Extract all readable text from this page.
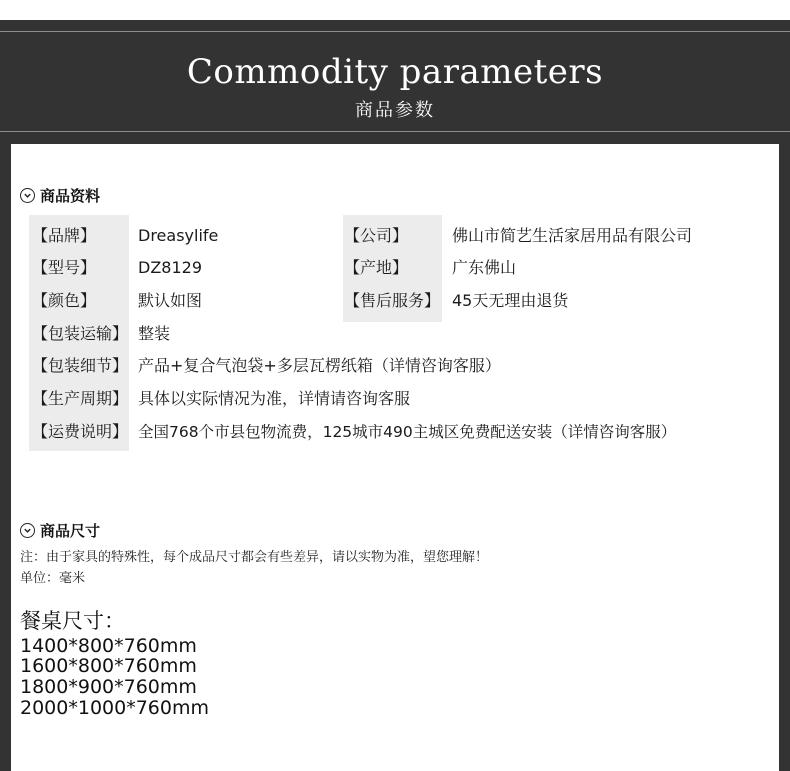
Commodity parameters
商品参数
商品资料
【品牌】	Dreasylife	【公司】	佛山市简艺生活家居用品有限公司
【型号】	DZ8129	【产地】	广东佛山
【颜色】	默认如图	【售后服务】 45天无理由退货
【包装运输】 整装
【包装细节】 产品+复合气泡袋+多层瓦楞纸箱（详情咨询客服）
【生产周期】 具体以实际情况为准，详情请咨询客服
【运费说明】 全国768个市县包物流费，125城市490主城区免费配送安装（详情咨询客服）
商品尺寸
注：由于家具的特殊性，每个成品尺寸都会有些差异，请以实物为准，望您理解！
单位：毫米
餐桌尺寸：
1400*800*760mm
1600*800*760mm
1800*900*760mm
2000*1000*760mm
